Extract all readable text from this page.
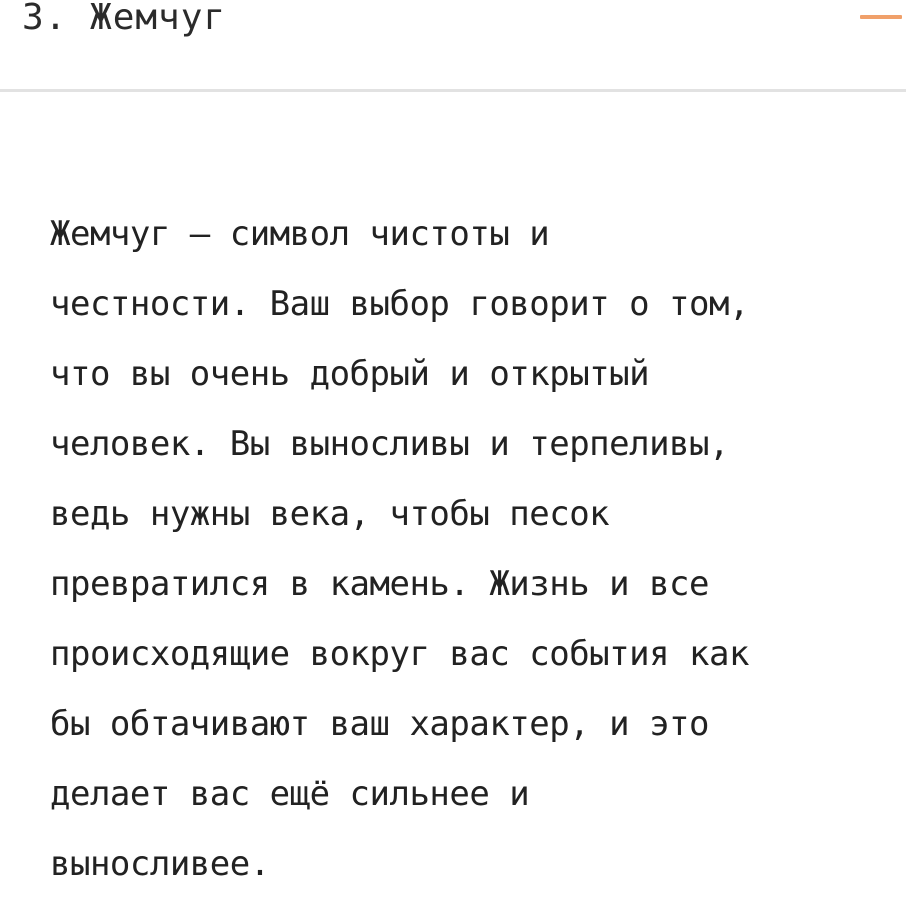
3. Жемчуг

Жемчуг — символ чистоты и
честности. Ваш выбор говорит о том,
что вы очень добрый и открытый
человек. Вы выносливы и терпеливы,
ведь нужны века, чтобы песок
превратился в камень. Жизнь и все
происходящие вокруг вас события как
бы обтачивают ваш характер, и это
делает вас ещё сильнее и
выносливее.
